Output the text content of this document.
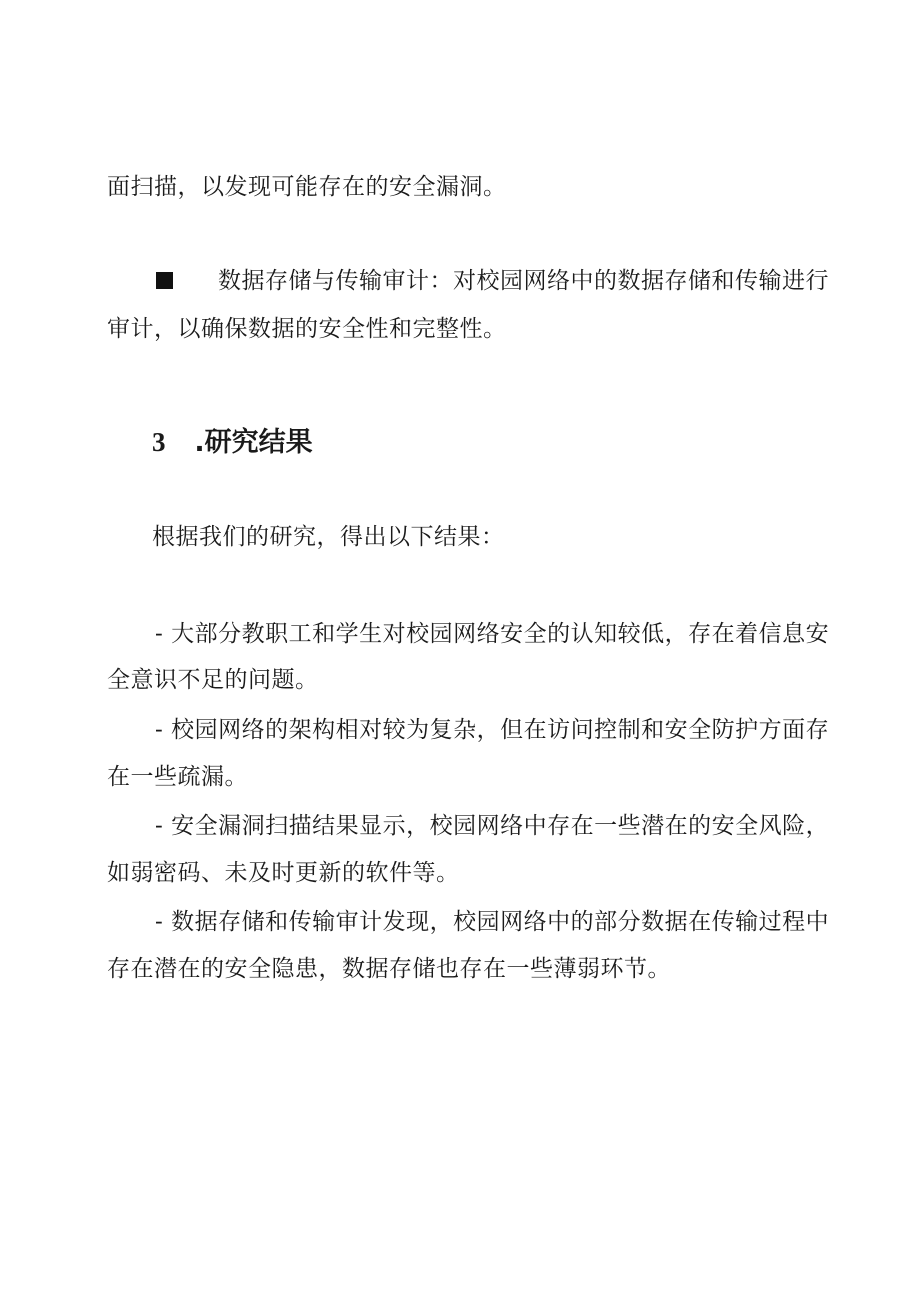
面扫描，以发现可能存在的安全漏洞。
数据存储与传输审计：对校园网络中的数据存储和传输进行
审计，以确保数据的安全性和完整性。
3 .研究结果
根据我们的研究，得出以下结果：
- 大部分教职工和学生对校园网络安全的认知较低，存在着信息安
全意识不足的问题。
- 校园网络的架构相对较为复杂，但在访问控制和安全防护方面存
在一些疏漏。
- 安全漏洞扫描结果显示，校园网络中存在一些潜在的安全风险，
如弱密码、未及时更新的软件等。
- 数据存储和传输审计发现，校园网络中的部分数据在传输过程中
存在潜在的安全隐患，数据存储也存在一些薄弱环节。
